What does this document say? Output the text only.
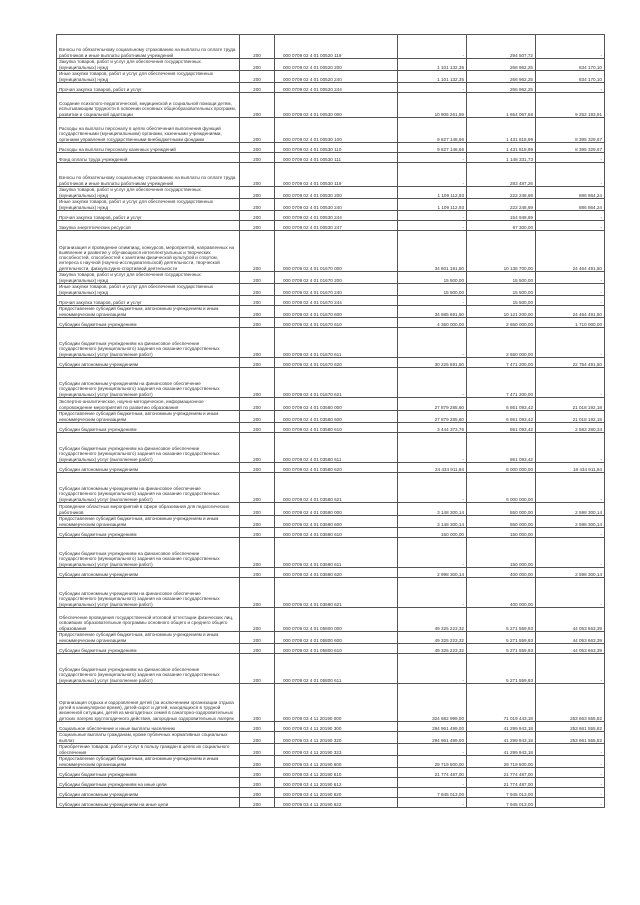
Взносы по обязательному социальному страхованию на выплаты по оплате труда работников и иные выплаты работникам учреждений	200	000 0709 02 4 01 00520 119	-	294 507,72	-
Закупка товаров, работ и услуг для обеспечения государственных (муниципальных) нужд	200	000 0709 02 4 01 00520 200	1 101 132,35	266 962,25	834 170,10
Иные закупки товаров, работ и услуг для обеспечения государственных (муниципальных) нужд	200	000 0709 02 4 01 00520 240	1 101 132,35	266 962,25	834 170,10
Прочая закупка товаров, работ и услуг	200	000 0709 02 4 01 00520 244	-	266 962,25	-
Создание психолого-педагогической, медицинской и социальной помощи детям, испытывающим трудности в освоении основных общеобразовательных программ, развитии и социальной адаптации	200	000 0709 02 4 01 00530 000	10 906 261,59	1 654 067,68	9 252 193,91
Расходы на выплаты персоналу в целях обеспечения выполнения функций государственными (муниципальными) органами, казенными учреждениями, органами управления государственными внебюджетными фондами	200	000 0709 02 4 01 00530 100	9 827 148,66	1 431 818,99	8 395 329,67
Расходы на выплаты персоналу казенных учреждений	200	000 0709 02 4 01 00530 110	9 827 148,66	1 431 818,99	8 395 329,67
Фонд оплаты труда учреждений	200	000 0709 02 4 01 00530 111	-	1 148 331,73	-
Взносы по обязательному социальному страхованию на выплаты по оплате труда работников и иные выплаты работникам учреждений	200	000 0709 02 4 01 00530 119	-	283 487,26	-
Закупка товаров, работ и услуг для обеспечения государственных (муниципальных) нужд	200	000 0709 02 4 01 00530 200	1 109 112,93	222 248,69	886 864,24
Иные закупки товаров, работ и услуг для обеспечения государственных (муниципальных) нужд	200	000 0709 02 4 01 00530 240	1 109 112,93	222 248,69	886 864,24
Прочая закупка товаров, работ и услуг	200	000 0709 02 4 01 00530 244	-	154 948,69	-
Закупка энергетических ресурсов	200	000 0709 02 4 01 00530 247	-	67 300,00	-
Организация и проведение олимпиад, конкурсов, мероприятий, направленных на выявление и развитие у обучающихся интеллектуальных и творческих способностей, способностей к занятиям физической культурой и спортом, интереса к научной (научно-исследовательской) деятельности, творческой деятельности, физкультурно-спортивной деятельности	200	000 0709 02 4 01 01670 000	34 601 191,50	10 136 700,00	24 464 491,50
Закупка товаров, работ и услуг для обеспечения государственных (муниципальных) нужд	200	000 0709 02 4 01 01670 200	15 500,00	15 500,00	-
Иные закупки товаров, работ и услуг для обеспечения государственных (муниципальных) нужд	200	000 0709 02 4 01 01670 240	15 500,00	15 500,00	-
Прочая закупка товаров, работ и услуг	200	000 0709 02 4 01 01670 244	-	15 500,00	-
Предоставление субсидий бюджетным, автономным учреждениям и иным некоммерческим организациям	200	000 0709 02 4 01 01670 600	34 585 691,50	10 121 200,00	24 464 491,50
Субсидии бюджетным учреждениям	200	000 0709 02 4 01 01670 610	4 360 000,00	2 650 000,00	1 710 000,00
Субсидии бюджетным учреждениям на финансовое обеспечение государственного (муниципального) задания на оказание государственных (муниципальных) услуг (выполнение работ)	200	000 0709 02 4 01 01670 611	-	2 650 000,00	-
Субсидии автономным учреждениям	200	000 0709 02 4 01 01670 620	30 225 691,50	7 471 200,00	22 754 491,50
Субсидии автономным учреждениям на финансовое обеспечение государственного (муниципального) задания на оказание государственных (муниципальных) услуг (выполнение работ)	200	000 0709 02 4 01 01670 621	-	7 471 200,00	-
Экспертно-аналитическое, научно-методическое, информационное сопровождение мероприятий по развитию образования	200	000 0709 02 4 01 03580 000	27 879 285,60	6 861 093,42	21 018 192,18
Предоставление субсидий бюджетным, автономным учреждениям и иным некоммерческим организациям	200	000 0709 02 4 01 03580 600	27 879 285,60	6 861 093,42	21 018 192,18
Субсидии бюджетным учреждениям	200	000 0709 02 4 01 03580 610	3 444 373,76	861 093,42	2 583 280,34
Субсидии бюджетным учреждениям на финансовое обеспечение государственного (муниципального) задания на оказание государственных (муниципальных) услуг (выполнение работ)	200	000 0709 02 4 01 03580 611	-	861 093,42	-
Субсидии автономным учреждениям	200	000 0709 02 4 01 03580 620	24 434 911,84	6 000 000,00	18 434 911,84
Субсидии автономным учреждениям на финансовое обеспечение государственного (муниципального) задания на оказание государственных (муниципальных) услуг (выполнение работ)	200	000 0709 02 4 01 03580 621	-	6 000 000,00	-
Проведение областных мероприятий в сфере образования для педагогических работников	200	000 0709 02 4 01 03590 000	3 148 300,14	550 000,00	2 598 300,14
Предоставление субсидий бюджетным, автономным учреждениям и иным некоммерческим организациям	200	000 0709 02 4 01 03590 600	3 148 300,14	550 000,00	2 598 300,14
Субсидии бюджетным учреждениям	200	000 0709 02 4 01 03590 610	150 000,00	150 000,00	-
Субсидии бюджетным учреждениям на финансовое обеспечение государственного (муниципального) задания на оказание государственных (муниципальных) услуг (выполнение работ)	200	000 0709 02 4 01 03590 611	-	150 000,00	-
Субсидии автономным учреждениям	200	000 0709 02 4 01 03590 620	2 998 300,14	400 000,00	2 598 300,14
Субсидии автономным учреждениям на финансовое обеспечение государственного (муниципального) задания на оказание государственных (муниципальных) услуг (выполнение работ)	200	000 0709 02 4 01 03590 621	-	400 000,00	-
Обеспечение проведения государственной итоговой аттестации физических лиц, освоивших образовательные программы основного общего и среднего общего образования	200	000 0709 02 4 01 05800 000	49 325 223,32	5 271 559,93	44 053 663,39
Предоставление субсидий бюджетным, автономным учреждениям и иным некоммерческим организациям	200	000 0709 02 4 01 05800 600	49 325 223,32	5 271 559,93	44 053 663,39
Субсидии бюджетным учреждениям	200	000 0709 02 4 01 05800 610	49 325 223,32	5 271 559,93	44 053 663,39
Субсидии бюджетным учреждениям на финансовое обеспечение государственного (муниципального) задания на оказание государственных (муниципальных) услуг (выполнение работ)	200	000 0709 02 4 01 05800 611	-	5 271 559,93	-
Организация отдыха и оздоровления детей (за исключением организации отдыха детей в каникулярное время), детей-сирот и детей, находящихся в трудной жизненной ситуации, детей из многодетных семей в санаторно-оздоровительных детских лагерях круглогодичного действия, загородных оздоровительных лагерях	200	000 0709 03 4 11 20190 000	324 682 999,00	71 019 443,18	253 663 555,82
Социальное обеспечение и иные выплаты населению	200	000 0709 03 4 11 20190 300	294 961 499,00	41 299 943,18	253 661 555,82
Социальные выплаты гражданам, кроме публичных нормативных социальных выплат	200	000 0709 03 4 11 20190 320	294 961 499,00	41 299 943,18	253 661 555,82
Приобретение товаров, работ и услуг в пользу граждан в целях их социального обеспечения	200	000 0709 03 4 11 20190 323	-	41 299 943,18	-
Предоставление субсидий бюджетным, автономным учреждениям и иным некоммерческим организациям	200	000 0709 03 4 11 20190 600	29 719 500,00	29 719 500,00	-
Субсидии бюджетным учреждениям	200	000 0709 03 4 11 20190 610	21 774 487,00	21 774 487,00	-
Субсидии бюджетным учреждениям на иные цели	200	000 0709 03 4 11 20190 612	-	21 774 487,00	-
Субсидии автономным учреждениям	200	000 0709 03 4 11 20190 620	7 945 013,00	7 945 013,00	-
Субсидии автономным учреждениям на иные цели	200	000 0709 03 4 11 20190 622	-	7 945 013,00	-
